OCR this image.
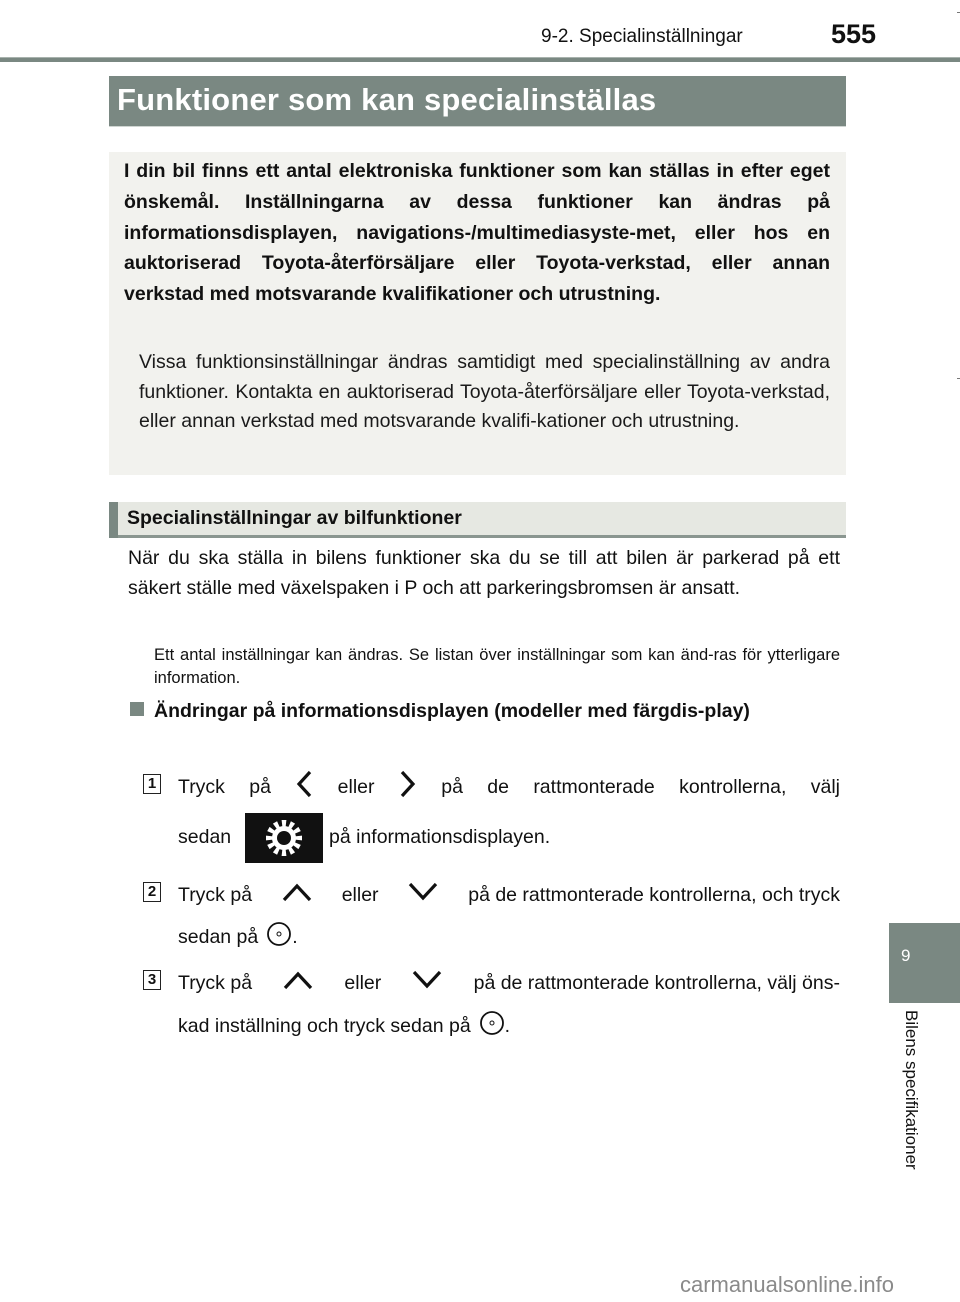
9-2. Specialinställningar	555
Funktioner som kan specialinställas
I din bil finns ett antal elektroniska funktioner som kan ställas in efter eget önskemål. Inställningarna av dessa funktioner kan ändras på informationsdisplayen, navigations-/multimediasyste-met, eller hos en auktoriserad Toyota-återförsäljare eller Toyota-verkstad, eller annan verkstad med motsvarande kvalifikationer och utrustning.
Vissa funktionsinställningar ändras samtidigt med specialinställning av andra funktioner. Kontakta en auktoriserad Toyota-återförsäljare eller Toyota-verkstad, eller annan verkstad med motsvarande kvalifi-kationer och utrustning.
Specialinställningar av bilfunktioner
När du ska ställa in bilens funktioner ska du se till att bilen är parkerad på ett säkert ställe med växelspaken i P och att parkeringsbromsen är ansatt.
Ett antal inställningar kan ändras. Se listan över inställningar som kan änd-ras för ytterligare information.
Ändringar på informationsdisplayen (modeller med färgdis-play)
1 Tryck på	eller	på de rattmonterade kontrollerna, välj
sedan	på informationsdisplayen.
2 Tryck på	eller	på de rattmonterade kontrollerna, och tryck
sedan på .
3 Tryck på	eller	på de rattmonterade kontrollerna, välj öns-
kad inställning och tryck sedan på .
9
Bilens specifikationer
carmanualsonline.info
